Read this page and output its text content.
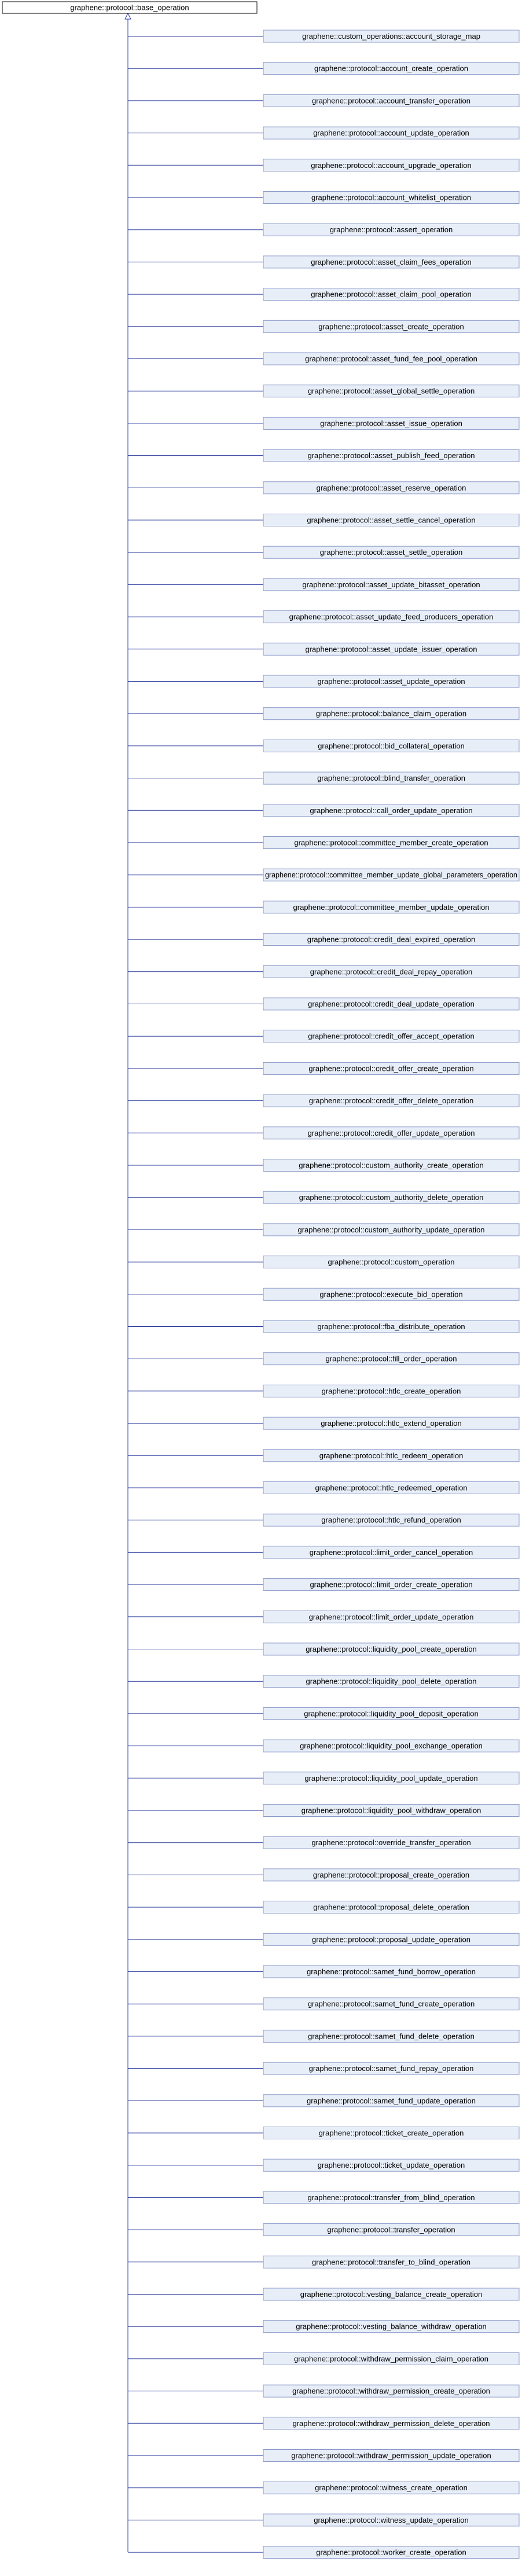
graphene::protocol::base_operation
graphene::custom_operations::account_storage_map
graphene::protocol::account_create_operation
graphene::protocol::account_transfer_operation
graphene::protocol::account_update_operation
graphene::protocol::account_upgrade_operation
graphene::protocol::account_whitelist_operation
graphene::protocol::assert_operation
graphene::protocol::asset_claim_fees_operation
graphene::protocol::asset_claim_pool_operation
graphene::protocol::asset_create_operation
graphene::protocol::asset_fund_fee_pool_operation
graphene::protocol::asset_global_settle_operation
graphene::protocol::asset_issue_operation
graphene::protocol::asset_publish_feed_operation
graphene::protocol::asset_reserve_operation
graphene::protocol::asset_settle_cancel_operation
graphene::protocol::asset_settle_operation
graphene::protocol::asset_update_bitasset_operation
graphene::protocol::asset_update_feed_producers_operation
graphene::protocol::asset_update_issuer_operation
graphene::protocol::asset_update_operation
graphene::protocol::balance_claim_operation
graphene::protocol::bid_collateral_operation
graphene::protocol::blind_transfer_operation
graphene::protocol::call_order_update_operation
graphene::protocol::committee_member_create_operation
graphene::protocol::committee_member_update_global_parameters_operation
graphene::protocol::committee_member_update_operation
graphene::protocol::credit_deal_expired_operation
graphene::protocol::credit_deal_repay_operation
graphene::protocol::credit_deal_update_operation
graphene::protocol::credit_offer_accept_operation
graphene::protocol::credit_offer_create_operation
graphene::protocol::credit_offer_delete_operation
graphene::protocol::credit_offer_update_operation
graphene::protocol::custom_authority_create_operation
graphene::protocol::custom_authority_delete_operation
graphene::protocol::custom_authority_update_operation
graphene::protocol::custom_operation
graphene::protocol::execute_bid_operation
graphene::protocol::fba_distribute_operation
graphene::protocol::fill_order_operation
graphene::protocol::htlc_create_operation
graphene::protocol::htlc_extend_operation
graphene::protocol::htlc_redeem_operation
graphene::protocol::htlc_redeemed_operation
graphene::protocol::htlc_refund_operation
graphene::protocol::limit_order_cancel_operation
graphene::protocol::limit_order_create_operation
graphene::protocol::limit_order_update_operation
graphene::protocol::liquidity_pool_create_operation
graphene::protocol::liquidity_pool_delete_operation
graphene::protocol::liquidity_pool_deposit_operation
graphene::protocol::liquidity_pool_exchange_operation
graphene::protocol::liquidity_pool_update_operation
graphene::protocol::liquidity_pool_withdraw_operation
graphene::protocol::override_transfer_operation
graphene::protocol::proposal_create_operation
graphene::protocol::proposal_delete_operation
graphene::protocol::proposal_update_operation
graphene::protocol::samet_fund_borrow_operation
graphene::protocol::samet_fund_create_operation
graphene::protocol::samet_fund_delete_operation
graphene::protocol::samet_fund_repay_operation
graphene::protocol::samet_fund_update_operation
graphene::protocol::ticket_create_operation
graphene::protocol::ticket_update_operation
graphene::protocol::transfer_from_blind_operation
graphene::protocol::transfer_operation
graphene::protocol::transfer_to_blind_operation
graphene::protocol::vesting_balance_create_operation
graphene::protocol::vesting_balance_withdraw_operation
graphene::protocol::withdraw_permission_claim_operation
graphene::protocol::withdraw_permission_create_operation
graphene::protocol::withdraw_permission_delete_operation
graphene::protocol::withdraw_permission_update_operation
graphene::protocol::witness_create_operation
graphene::protocol::witness_update_operation
graphene::protocol::worker_create_operation
